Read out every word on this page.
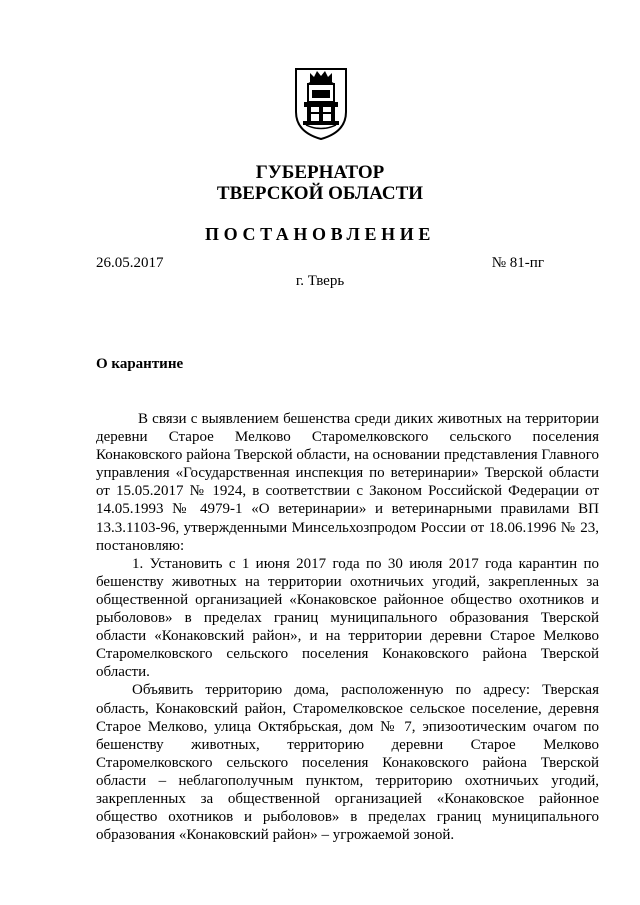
ГУБЕРНАТОР
ТВЕРСКОЙ ОБЛАСТИ
ПОСТАНОВЛЕНИЕ
26.05.2017	№ 81-пг
г. Тверь
О карантине

В связи с выявлением бешенства среди диких животных на территории деревни Старое Мелково Старомелковского сельского поселения Конаковского района Тверской области, на основании представления Главного управления «Государственная инспекция по ветеринарии» Тверской области от 15.05.2017 № 1924, в соответствии с Законом Российской Федерации от 14.05.1993 № 4979-1 «О ветеринарии» и ветеринарными правилами ВП 13.3.1103-96, утвержденными Минсельхозпродом России от 18.06.1996 № 23, постановляю:

1. Установить с 1 июня 2017 года по 30 июля 2017 года карантин по бешенству животных на территории охотничьих угодий, закрепленных за общественной организацией «Конаковское районное общество охотников и рыболовов» в пределах границ муниципального образования Тверской области «Конаковский район», и на территории деревни Старое Мелково Старомелковского сельского поселения Конаковского района Тверской области.

Объявить территорию дома, расположенную по адресу: Тверская область, Конаковский район, Старомелковское сельское поселение, деревня Старое Мелково, улица Октябрьская, дом № 7, эпизоотическим очагом по бешенству животных, территорию деревни Старое Мелково Старомелковского сельского поселения Конаковского района Тверской области – неблагополучным пунктом, территорию охотничьих угодий, закрепленных за общественной организацией «Конаковское районное общество охотников и рыболовов» в пределах границ муниципального образования «Конаковский район» – угрожаемой зоной.
